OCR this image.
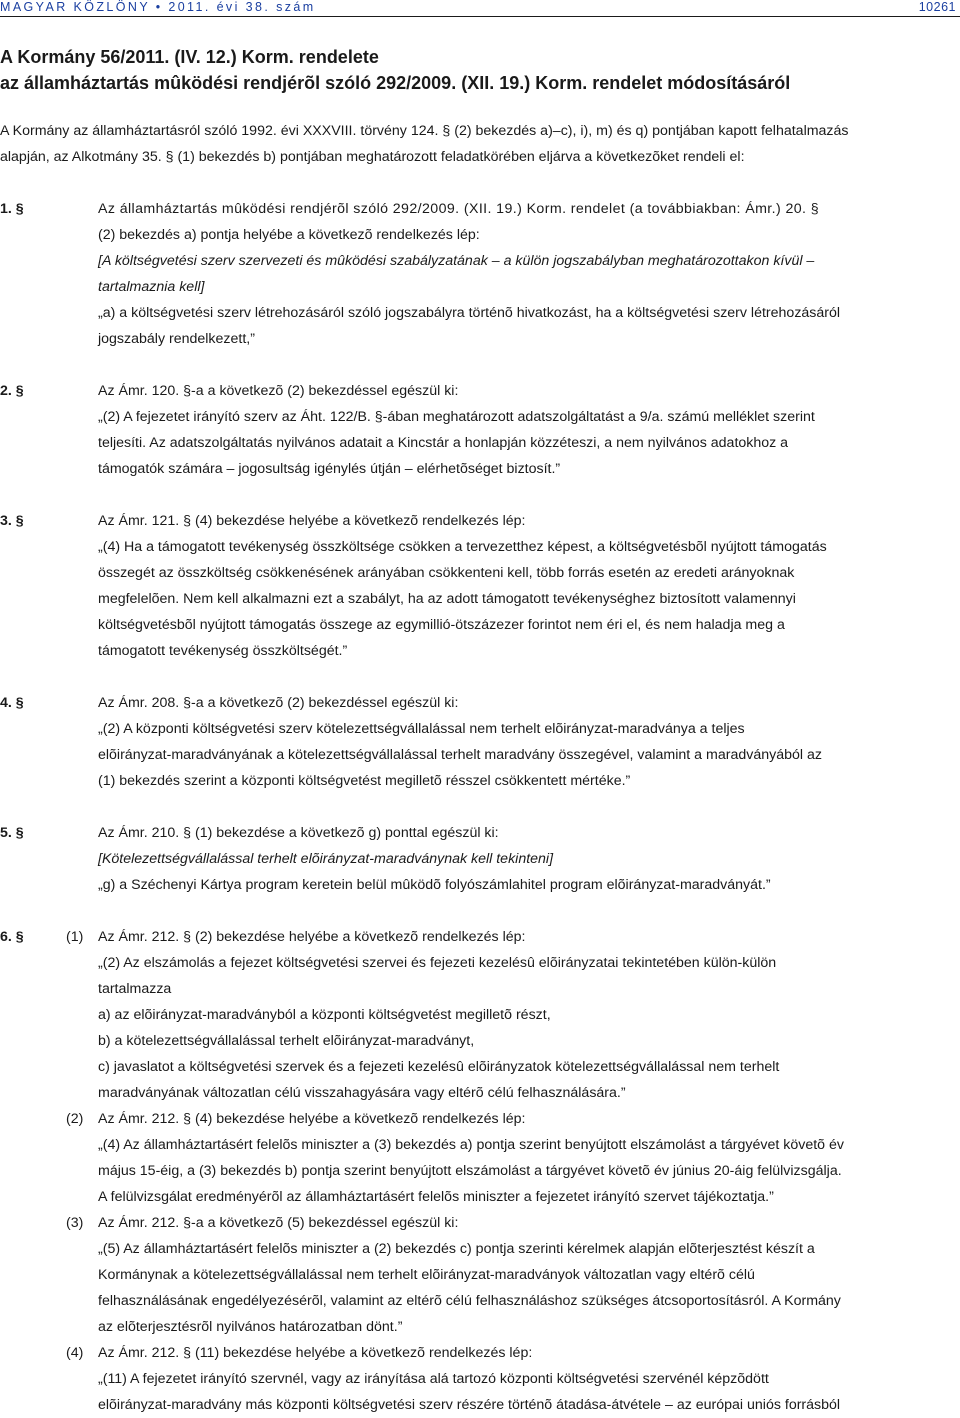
MAGYAR KÖZLÖNY • 2011. évi 38. szám	10261
A Kormány 56/2011. (IV. 12.) Korm. rendelete
az államháztartás mûködési rendjérõl szóló 292/2009. (XII. 19.) Korm. rendelet módosításáról
A Kormány az államháztartásról szóló 1992. évi XXXVIII. törvény 124. § (2) bekezdés a)–c), i), m) és q) pontjában kapott felhatalmazás
alapján, az Alkotmány 35. § (1) bekezdés b) pontjában meghatározott feladatkörében eljárva a következõket rendeli el:
1. §	Az államháztartás mûködési rendjérõl szóló 292/2009. (XII. 19.) Korm. rendelet (a továbbiakban: Ámr.) 20. §
(2) bekezdés a) pontja helyébe a következõ rendelkezés lép:
[A költségvetési szerv szervezeti és mûködési szabályzatának – a külön jogszabályban meghatározottakon kívül –
tartalmaznia kell]
„a) a költségvetési szerv létrehozásáról szóló jogszabályra történõ hivatkozást, ha a költségvetési szerv létrehozásáról
jogszabály rendelkezett,”
2. §	Az Ámr. 120. §-a a következõ (2) bekezdéssel egészül ki:
„(2) A fejezetet irányító szerv az Áht. 122/B. §-ában meghatározott adatszolgáltatást a 9/a. számú melléklet szerint
teljesíti. Az adatszolgáltatás nyilvános adatait a Kincstár a honlapján közzéteszi, a nem nyilvános adatokhoz a
támogatók számára – jogosultság igénylés útján – elérhetõséget biztosít.”
3. §	Az Ámr. 121. § (4) bekezdése helyébe a következõ rendelkezés lép:
„(4) Ha a támogatott tevékenység összköltsége csökken a tervezetthez képest, a költségvetésbõl nyújtott támogatás
összegét az összköltség csökkenésének arányában csökkenteni kell, több forrás esetén az eredeti arányoknak
megfelelõen. Nem kell alkalmazni ezt a szabályt, ha az adott támogatott tevékenységhez biztosított valamennyi
költségvetésbõl nyújtott támogatás összege az egymillió-ötszázezer forintot nem éri el, és nem haladja meg a
támogatott tevékenység összköltségét.”
4. §	Az Ámr. 208. §-a a következõ (2) bekezdéssel egészül ki:
„(2) A központi költségvetési szerv kötelezettségvállalással nem terhelt elõirányzat-maradványa a teljes
elõirányzat-maradványának a kötelezettségvállalással terhelt maradvány összegével, valamint a maradványából az
(1) bekezdés szerint a központi költségvetést megilletõ résszel csökkentett mértéke.”
5. §	Az Ámr. 210. § (1) bekezdése a következõ g) ponttal egészül ki:
[Kötelezettségvállalással terhelt elõirányzat-maradványnak kell tekinteni]
„g) a Széchenyi Kártya program keretein belül mûködõ folyószámlahitel program elõirányzat-maradványát.”
6. §	(1)	Az Ámr. 212. § (2) bekezdése helyébe a következõ rendelkezés lép:
„(2) Az elszámolás a fejezet költségvetési szervei és fejezeti kezelésû elõirányzatai tekintetében külön-külön
tartalmazza
a) az elõirányzat-maradványból a központi költségvetést megilletõ részt,
b) a kötelezettségvállalással terhelt elõirányzat-maradványt,
c) javaslatot a költségvetési szervek és a fejezeti kezelésû elõirányzatok kötelezettségvállalással nem terhelt
maradványának változatlan célú visszahagyására vagy eltérõ célú felhasználására.”
(2)	Az Ámr. 212. § (4) bekezdése helyébe a következõ rendelkezés lép:
„(4) Az államháztartásért felelõs miniszter a (3) bekezdés a) pontja szerint benyújtott elszámolást a tárgyévet követõ év
május 15-éig, a (3) bekezdés b) pontja szerint benyújtott elszámolást a tárgyévet követõ év június 20-áig felülvizsgálja.
A felülvizsgálat eredményérõl az államháztartásért felelõs miniszter a fejezetet irányító szervet tájékoztatja.”
(3)	Az Ámr. 212. §-a a következõ (5) bekezdéssel egészül ki:
„(5) Az államháztartásért felelõs miniszter a (2) bekezdés c) pontja szerinti kérelmek alapján elõterjesztést készít a
Kormánynak a kötelezettségvállalással nem terhelt elõirányzat-maradványok változatlan vagy eltérõ célú
felhasználásának engedélyezésérõl, valamint az eltérõ célú felhasználáshoz szükséges átcsoportosításról. A Kormány
az elõterjesztésrõl nyilvános határozatban dönt.”
(4)	Az Ámr. 212. § (11) bekezdése helyébe a következõ rendelkezés lép:
„(11) A fejezetet irányító szervnél, vagy az irányítása alá tartozó központi költségvetési szervénél képzõdött
elõirányzat-maradvány más központi költségvetési szerv részére történõ átadása-átvétele – az európai uniós forrásból
